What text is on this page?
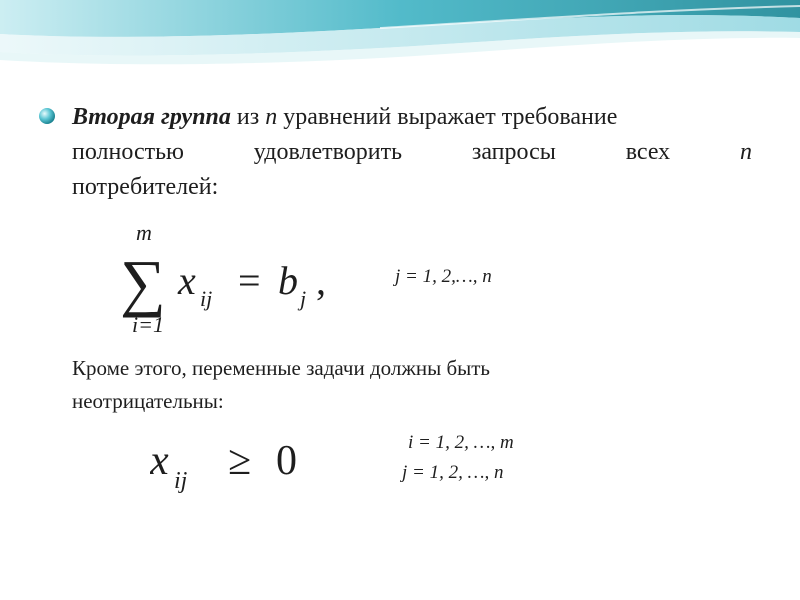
Вторая группа из n уравнений выражает требование
полностью	удовлетворить	запросы	всех	n
потребителей:
m
∑
i=1
x ij = b j ,	j = 1, 2,…, n
Кроме этого, переменные задачи должны быть
неотрицательны:
x ij ≥ 0	i = 1, 2, …, m
j = 1, 2, …, n
